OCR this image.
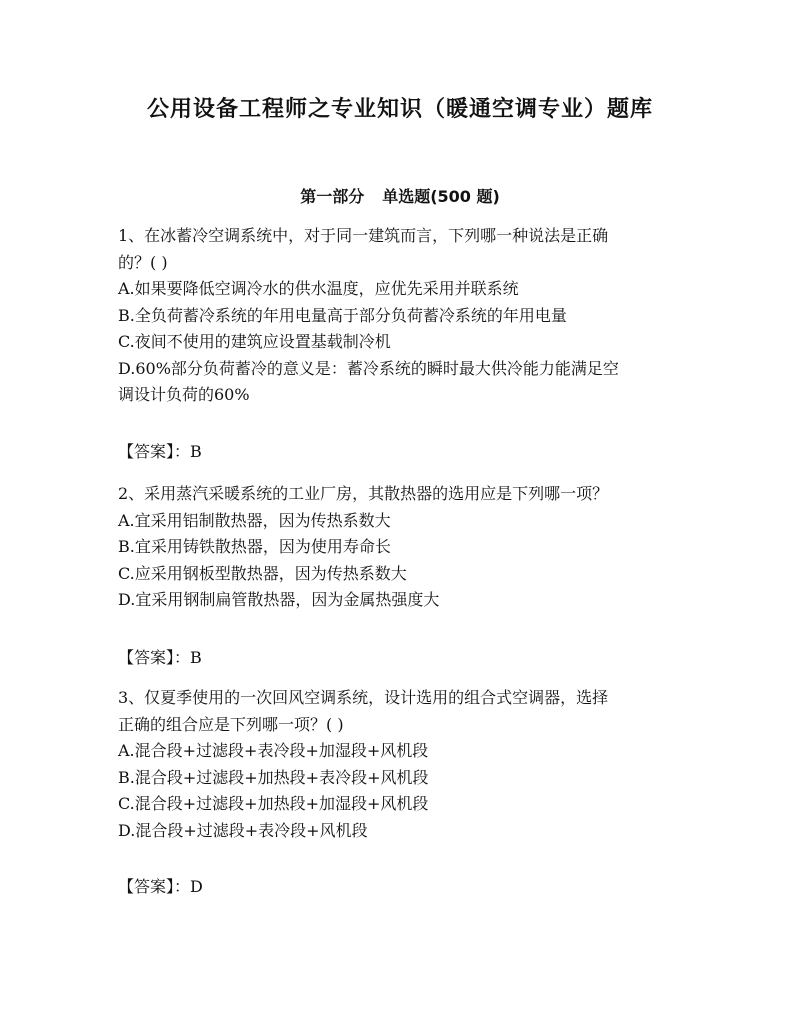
公用设备工程师之专业知识（暖通空调专业）题库
第一部分 单选题(500 题)
1、在冰蓄冷空调系统中，对于同一建筑而言，下列哪一种说法是正确
的？( )
A.如果要降低空调冷水的供水温度，应优先采用并联系统
B.全负荷蓄冷系统的年用电量高于部分负荷蓄冷系统的年用电量
C.夜间不使用的建筑应设置基载制冷机
D.60%部分负荷蓄冷的意义是：蓄冷系统的瞬时最大供冷能力能满足空
调设计负荷的60%
【答案】：B
2、采用蒸汽采暖系统的工业厂房，其散热器的选用应是下列哪一项？
A.宜采用铝制散热器，因为传热系数大
B.宜采用铸铁散热器，因为使用寿命长
C.应采用钢板型散热器，因为传热系数大
D.宜采用钢制扁管散热器，因为金属热强度大
【答案】：B
3、仅夏季使用的一次回风空调系统，设计选用的组合式空调器，选择
正确的组合应是下列哪一项？( )
A.混合段+过滤段+表冷段+加湿段+风机段
B.混合段+过滤段+加热段+表冷段+风机段
C.混合段+过滤段+加热段+加湿段+风机段
D.混合段+过滤段+表冷段+风机段
【答案】：D
